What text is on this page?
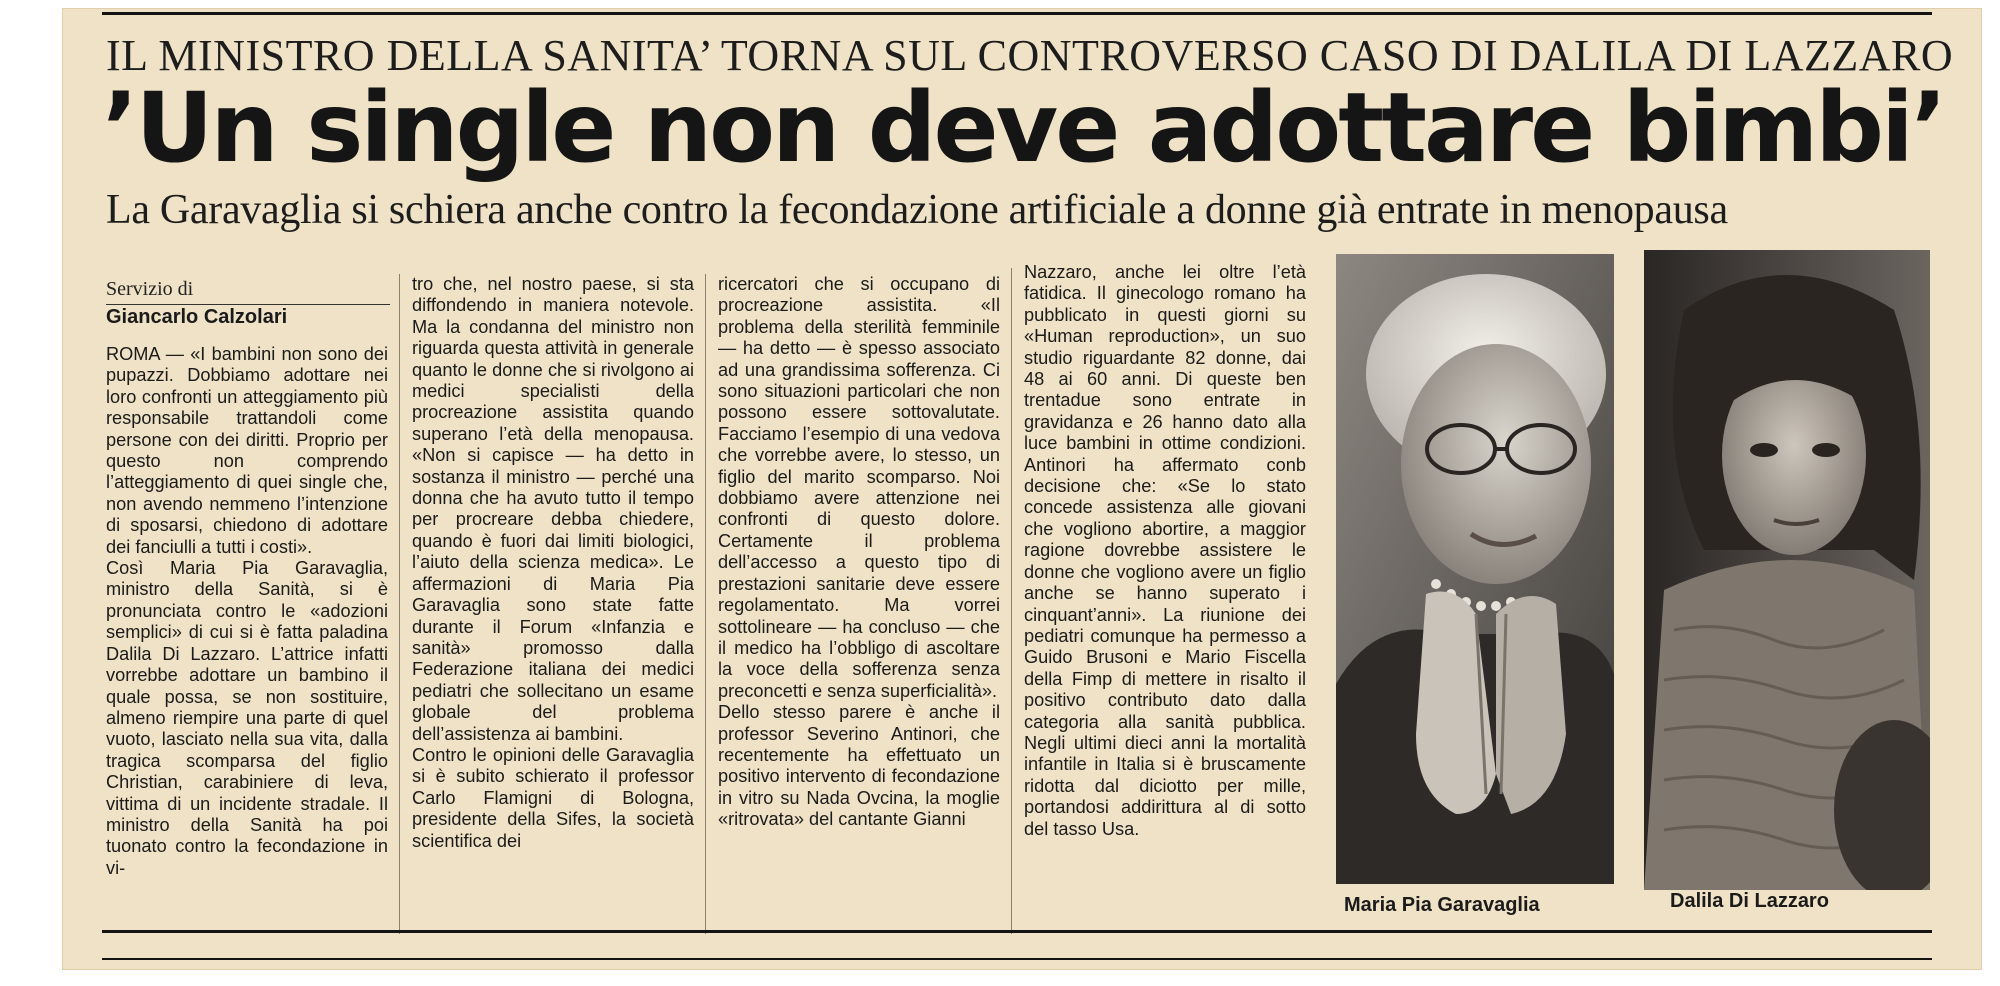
IL MINISTRO DELLA SANITA’ TORNA SUL CONTROVERSO CASO DI DALILA DI LAZZARO
’Un single non deve adottare bimbi’
La Garavaglia si schiera anche contro la fecondazione artificiale a donne già entrate in menopausa
Servizio di
Giancarlo Calzolari

ROMA — «I bambini non sono dei pupazzi. Dobbiamo adottare nei loro confronti un atteggiamento più responsabile trattandoli come persone con dei diritti. Proprio per questo non comprendo l’atteggiamento di quei single che, non avendo nemmeno l’intenzione di sposarsi, chiedono di adottare dei fanciulli a tutti i costi».

Così Maria Pia Garavaglia, ministro della Sanità, si è pronunciata contro le «adozioni semplici» di cui si è fatta paladina Dalila Di Lazzaro. L’attrice infatti vorrebbe adottare un bambino il quale possa, se non sostituire, almeno riempire una parte di quel vuoto, lasciato nella sua vita, dalla tragica scomparsa del figlio Christian, carabiniere di leva, vittima di un incidente stradale. Il ministro della Sanità ha poi tuonato contro la fecondazione in vi-

tro che, nel nostro paese, si sta diffondendo in maniera notevole. Ma la condanna del ministro non riguarda questa attività in generale quanto le donne che si rivolgono ai medici specialisti della procreazione assistita quando superano l’età della menopausa. «Non si capisce — ha detto in sostanza il ministro — perché una donna che ha avuto tutto il tempo per procreare debba chiedere, quando è fuori dai limiti biologici, l’aiuto della scienza medica». Le affermazioni di Maria Pia Garavaglia sono state fatte durante il Forum «Infanzia e sanità» promosso dalla Federazione italiana dei medici pediatri che sollecitano un esame globale del problema dell’assistenza ai bambini.

Contro le opinioni delle Garavaglia si è subito schierato il professor Carlo Flamigni di Bologna, presidente della Sifes, la società scientifica dei

ricercatori che si occupano di procreazione assistita. «Il problema della sterilità femminile — ha detto — è spesso associato ad una grandissima sofferenza. Ci sono situazioni particolari che non possono essere sottovalutate. Facciamo l’esempio di una vedova che vorrebbe avere, lo stesso, un figlio del marito scomparso. Noi dobbiamo avere attenzione nei confronti di questo dolore. Certamente il problema dell’accesso a questo tipo di prestazioni sanitarie deve essere regolamentato. Ma vorrei sottolineare — ha concluso — che il medico ha l’obbligo di ascoltare la voce della sofferenza senza preconcetti e senza superficialità».

Dello stesso parere è anche il professor Severino Antinori, che recentemente ha effettuato un positivo intervento di fecondazione in vitro su Nada Ovcina, la moglie «ritrovata» del cantante Gianni

Nazzaro, anche lei oltre l’età fatidica. Il ginecologo romano ha pubblicato in questi giorni su «Human reproduction», un suo studio riguardante 82 donne, dai 48 ai 60 anni. Di queste ben trentadue sono entrate in gravidanza e 26 hanno dato alla luce bambini in ottime condizioni. Antinori ha affermato conb decisione che: «Se lo stato concede assistenza alle giovani che vogliono abortire, a maggior ragione dovrebbe assistere le donne che vogliono avere un figlio anche se hanno superato i cinquant’anni». La riunione dei pediatri comunque ha permesso a Guido Brusoni e Mario Fiscella della Fimp di mettere in risalto il positivo contributo dato dalla categoria alla sanità pubblica. Negli ultimi dieci anni la mortalità infantile in Italia si è bruscamente ridotta dal diciotto per mille, portandosi addirittura al di sotto del tasso Usa.

Maria Pia Garavaglia	Dalila Di Lazzaro
